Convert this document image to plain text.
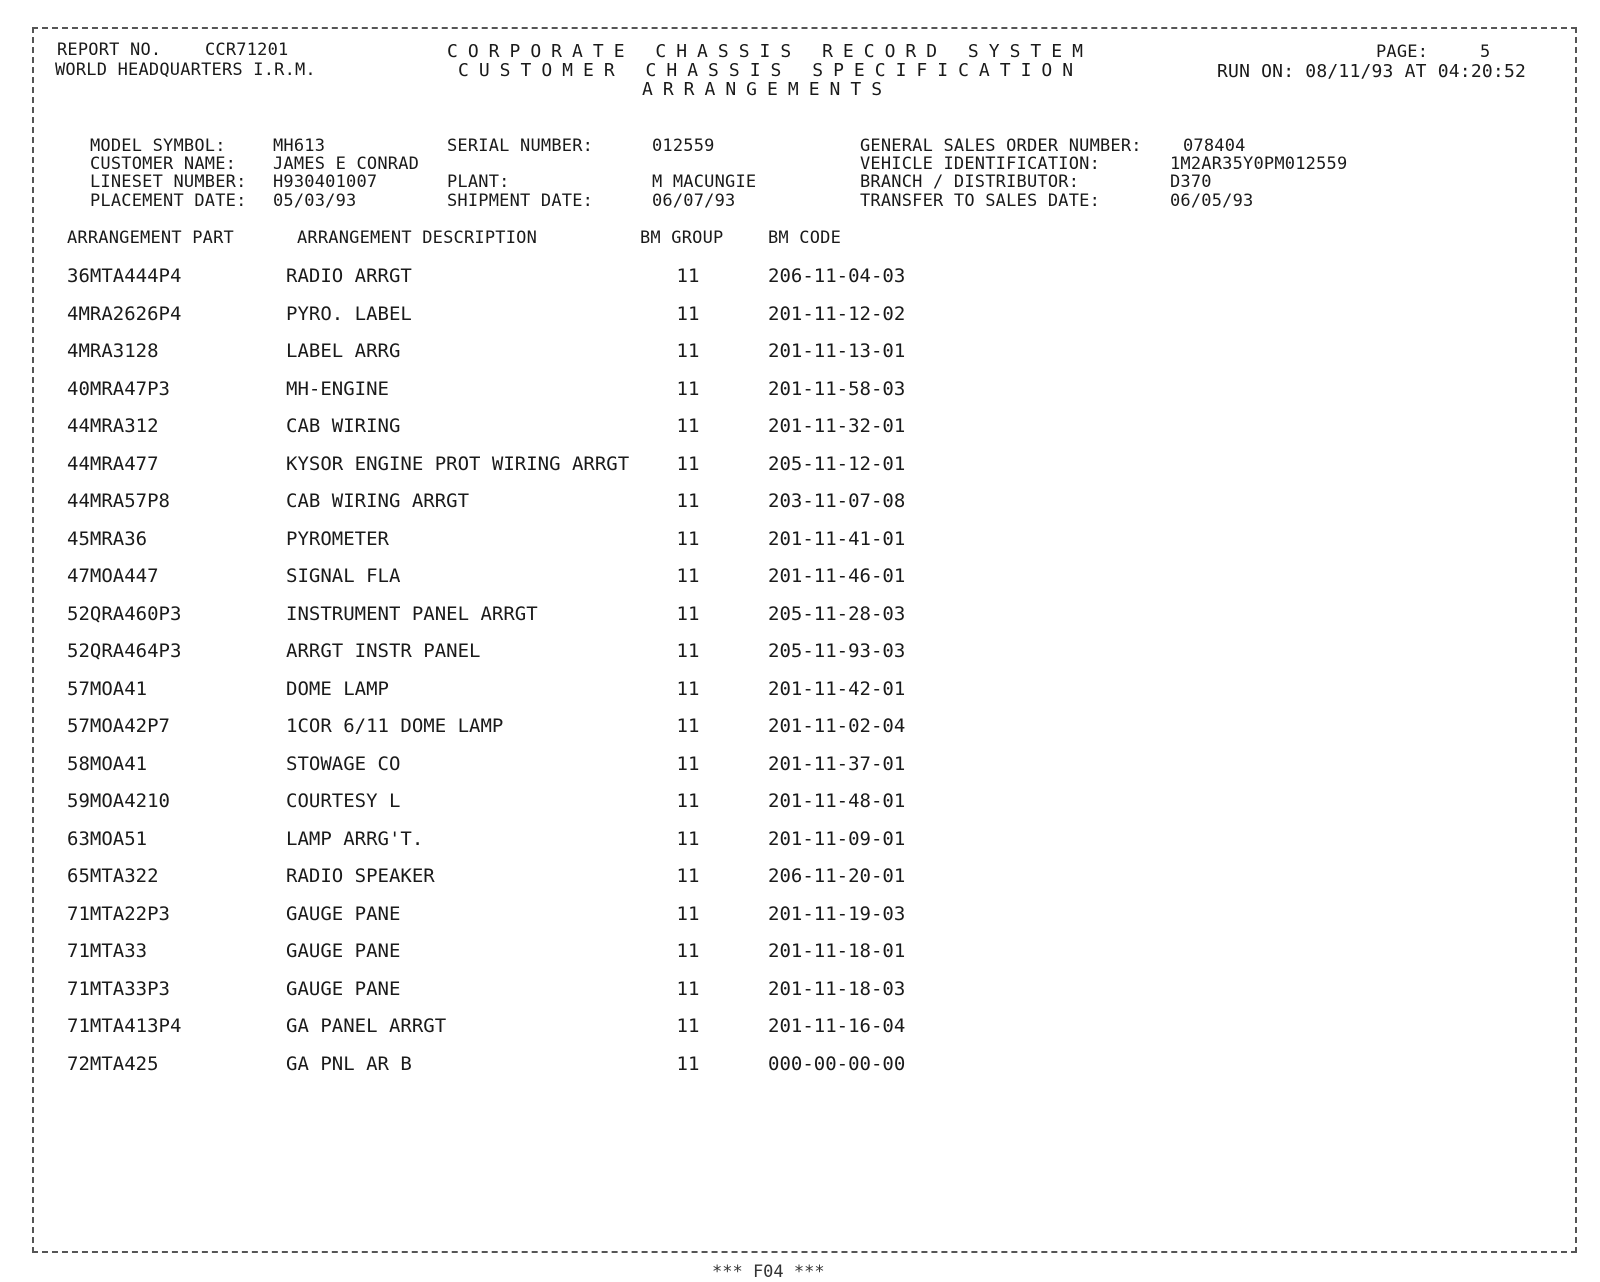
REPORT NO.	CCR71201
WORLD HEADQUARTERS I.R.M.
CORPORATE CHASSIS RECORD SYSTEM
CUSTOMER CHASSIS SPECIFICATION
ARRANGEMENTS
PAGE:	5
RUN ON: 08/11/93 AT 04:20:52
MODEL SYMBOL:	MH613
CUSTOMER NAME: JAMES E CONRAD
LINESET NUMBER: H930401007
PLACEMENT DATE: 05/03/93
SERIAL NUMBER:	012559
PLANT:	M MACUNGIE
SHIPMENT DATE:	06/07/93
GENERAL SALES ORDER NUMBER: 078404
VEHICLE IDENTIFICATION:	1M2AR35Y0PM012559
BRANCH / DISTRIBUTOR:	D370
TRANSFER TO SALES DATE:	06/05/93
ARRANGEMENT PART	ARRANGEMENT DESCRIPTION	BM GROUP	BM CODE
36MTA444P4	RADIO ARRGT	11	206-11-04-03
4MRA2626P4	PYRO. LABEL	11	201-11-12-02
4MRA3128	LABEL ARRG	11	201-11-13-01
40MRA47P3	MH-ENGINE	11	201-11-58-03
44MRA312	CAB WIRING	11	201-11-32-01
44MRA477	KYSOR ENGINE PROT WIRING ARRGT	11	205-11-12-01
44MRA57P8	CAB WIRING ARRGT	11	203-11-07-08
45MRA36	PYROMETER	11	201-11-41-01
47MOA447	SIGNAL FLA	11	201-11-46-01
52QRA460P3	INSTRUMENT PANEL ARRGT	11	205-11-28-03
52QRA464P3	ARRGT INSTR PANEL	11	205-11-93-03
57MOA41	DOME LAMP	11	201-11-42-01
57MOA42P7	1COR 6/11 DOME LAMP	11	201-11-02-04
58MOA41	STOWAGE CO	11	201-11-37-01
59MOA4210	COURTESY L	11	201-11-48-01
63MOA51	LAMP ARRG'T.	11	201-11-09-01
65MTA322	RADIO SPEAKER	11	206-11-20-01
71MTA22P3	GAUGE PANE	11	201-11-19-03
71MTA33	GAUGE PANE	11	201-11-18-01
71MTA33P3	GAUGE PANE	11	201-11-18-03
71MTA413P4	GA PANEL ARRGT	11	201-11-16-04
72MTA425	GA PNL AR B	11	000-00-00-00
*** F04 ***
